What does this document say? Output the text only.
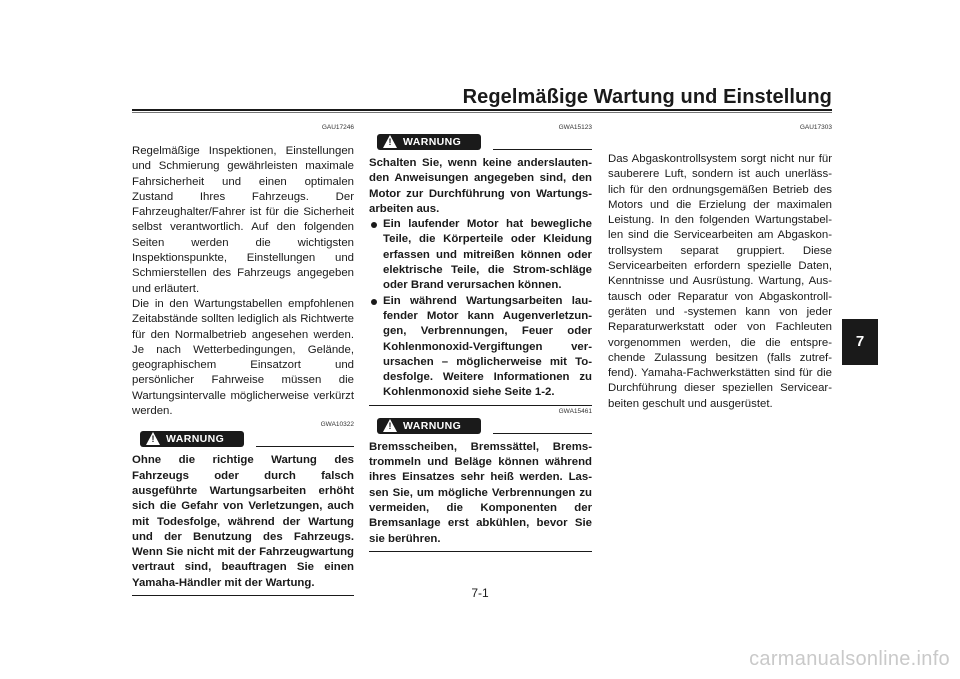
Regelmäßige Wartung und Einstellung
GAU17246

Regelmäßige Inspektionen, Einstellungen und Schmierung gewährleisten maximale Fahrsicherheit und einen optimalen Zustand Ihres Fahrzeugs. Der Fahrzeughalter/Fahrer ist für die Sicherheit selbst verantwortlich. Auf den folgenden Seiten werden die wichtigsten Inspektionspunkte, Einstellungen und Schmierstellen des Fahrzeugs angegeben und erläutert.

Die in den Wartungstabellen empfohlenen Zeitabstände sollten lediglich als Richtwerte für den Normalbetrieb angesehen werden. Je nach Wetterbedingungen, Gelände, geographischem Einsatzort und persönlicher Fahrweise müssen die Wartungsintervalle möglicherweise verkürzt werden.

GWA10322
! WARNUNG

Ohne die richtige Wartung des Fahrzeugs oder durch falsch ausgeführte Wartungsarbeiten erhöht sich die Gefahr von Verletzungen, auch mit Todesfolge, während der Wartung und der Benutzung des Fahrzeugs. Wenn Sie nicht mit der Fahrzeugwartung vertraut sind, beauftragen Sie einen Yamaha-Händler mit der Wartung.

GWA15123
! WARNUNG

Schalten Sie, wenn keine anderslauten-den Anweisungen angegeben sind, den Motor zur Durchführung von Wartungs-arbeiten aus.

Ein laufender Motor hat bewegliche Teile, die Körperteile oder Kleidung erfassen und mitreißen können oder elektrische Teile, die Strom-schläge oder Brand verursachen können.
Ein während Wartungsarbeiten lau-fender Motor kann Augenverletzun-gen, Verbrennungen, Feuer oder Kohlenmonoxid-Vergiftungen ver-ursachen – möglicherweise mit To-desfolge. Weitere Informationen zu Kohlenmonoxid siehe Seite 1-2.
GWA15461
! WARNUNG

Bremsscheiben, Bremssättel, Brems-trommeln und Beläge können während ihres Einsatzes sehr heiß werden. Las-sen Sie, um mögliche Verbrennungen zu vermeiden, die Komponenten der Bremsanlage erst abkühlen, bevor Sie sie berühren.

GAU17303

Das Abgaskontrollsystem sorgt nicht nur für sauberere Luft, sondern ist auch unerläss-lich für den ordnungsgemäßen Betrieb des Motors und die Erzielung der maximalen Leistung. In den folgenden Wartungstabel-len sind die Servicearbeiten am Abgaskon-trollsystem separat gruppiert. Diese Servicearbeiten erfordern spezielle Daten, Kenntnisse und Ausrüstung. Wartung, Aus-tausch oder Reparatur von Abgaskontroll-geräten und -systemen kann von jeder Reparaturwerkstatt oder von Fachleuten vorgenommen werden, die die entspre-chende Zulassung besitzen (falls zutref-fend). Yamaha-Fachwerkstätten sind für die Durchführung dieser speziellen Servicear-beiten geschult und ausgerüstet.

7
7-1
carmanualsonline.info
